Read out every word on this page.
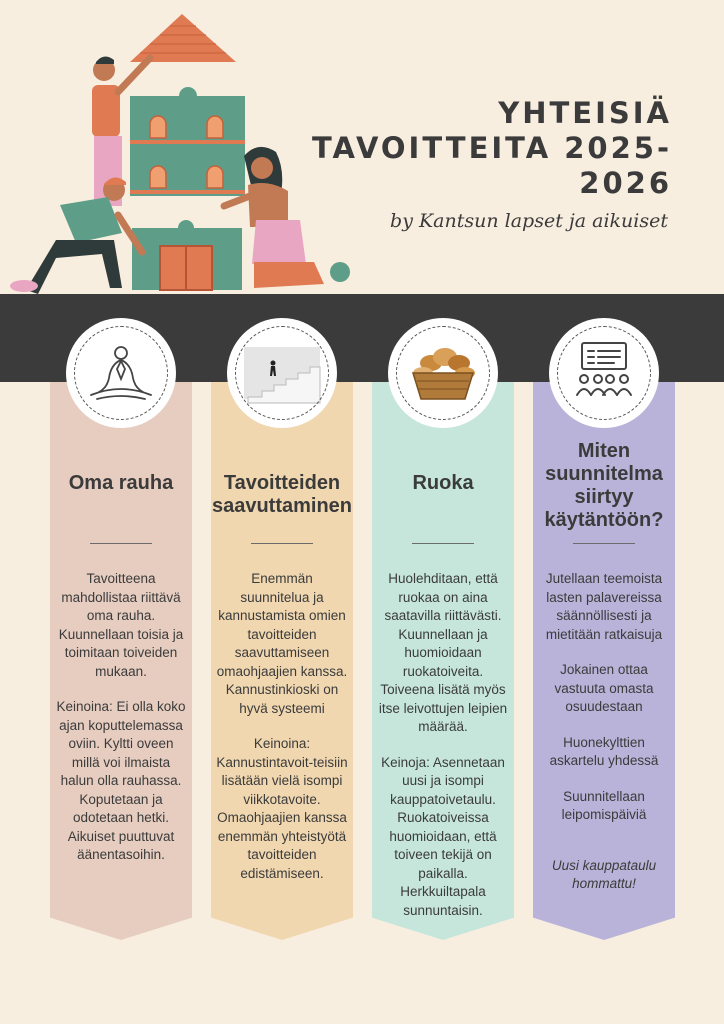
YHTEISIÄ
TAVOITTEITA 2025-
2026
by Kantsun lapset ja aikuiset
Oma rauha	Tavoitteiden saavuttaminen
Ruoka
Miten suunnitelma siirtyy käytäntöön?

Tavoitteena mahdollistaa riittävä oma rauha. Kuunnellaan toisia ja toimitaan toiveiden mukaan.

Keinoina: Ei olla koko ajan koputtelemassa oviin. Kyltti oveen millä voi ilmaista halun olla rauhassa. Koputetaan ja odotetaan hetki. Aikuiset puuttuvat äänentasoihin.

Enemmän suunnitelua ja kannustamista omien tavoitteiden saavuttamiseen omaohjaajien kanssa. Kannustinkioski on hyvä systeemi

Keinoina: Kannustintavoit-teisiin lisätään vielä isompi viikkotavoite. Omaohjaajien kanssa enemmän yhteistyötä tavoitteiden edistämiseen.

Huolehditaan, että ruokaa on aina saatavilla riittävästi. Kuunnellaan ja huomioidaan ruokatoiveita. Toiveena lisätä myös itse leivottujen leipien määrää.

Keinoja: Asennetaan uusi ja isompi kauppatoivetaulu. Ruokatoiveissa huomioidaan, että toiveen tekijä on paikalla. Herkkuiltapala sunnuntaisin.

Jutellaan teemoista lasten palavereissa säännöllisesti ja mietitään ratkaisuja

Jokainen ottaa vastuuta omasta osuudestaan

Huonekylttien askartelu yhdessä

Suunnitellaan leipomispäiviä

Uusi kauppataulu hommattu!
